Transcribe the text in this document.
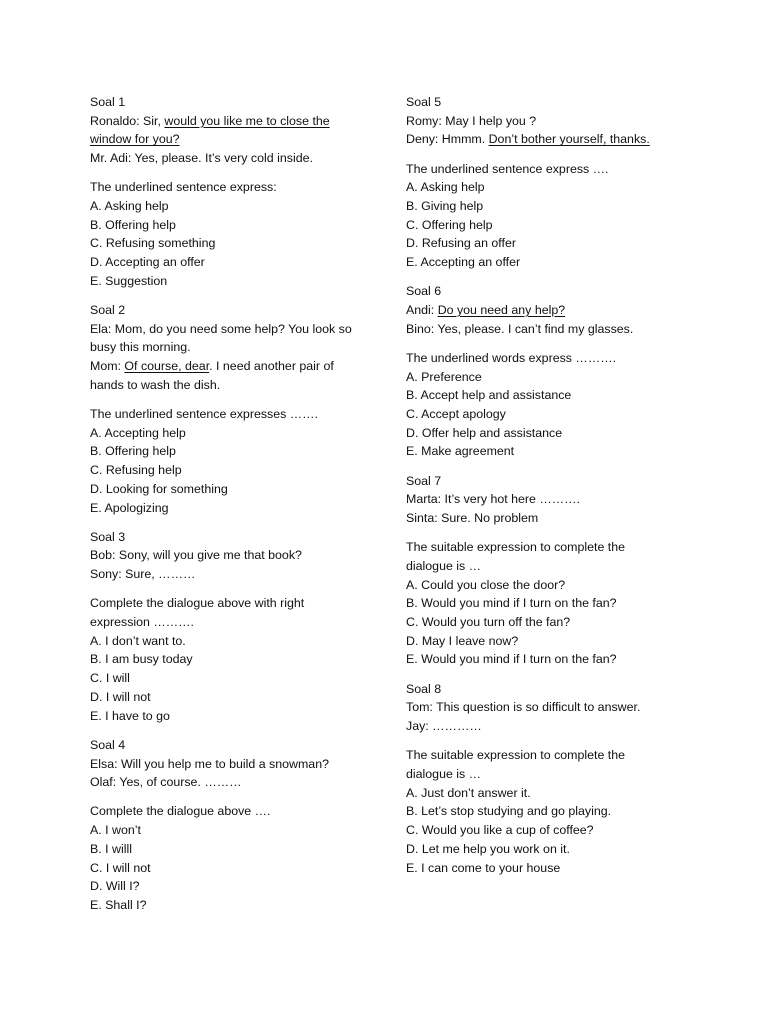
Soal 1
Ronaldo: Sir, would you like me to close the
window for you?
Mr. Adi: Yes, please. It’s very cold inside.
The underlined sentence express:
A. Asking help
B. Offering help
C. Refusing something
D. Accepting an offer
E. Suggestion
Soal 2
Ela: Mom, do you need some help? You look so
busy this morning.
Mom: Of course, dear. I need another pair of
hands to wash the dish.
The underlined sentence expresses …….
A. Accepting help
B. Offering help
C. Refusing help
D. Looking for something
E. Apologizing
Soal 3
Bob: Sony, will you give me that book?
Sony: Sure, ………
Complete the dialogue above with right
expression ……….
A. I don’t want to.
B. I am busy today
C. I will
D. I will not
E. I have to go
Soal 4
Elsa: Will you help me to build a snowman?
Olaf: Yes, of course. ………
Complete the dialogue above ….
A. I won’t
B. I willl
C. I will not
D. Will I?
E. Shall I?
Soal 5
Romy: May I help you ?
Deny: Hmmm. Don’t bother yourself, thanks.
The underlined sentence express ….
A. Asking help
B. Giving help
C. Offering help
D. Refusing an offer
E. Accepting an offer
Soal 6
Andi: Do you need any help?
Bino: Yes, please. I can’t find my glasses.
The underlined words express ……….
A. Preference
B. Accept help and assistance
C. Accept apology
D. Offer help and assistance
E. Make agreement
Soal 7
Marta: It’s very hot here ……….
Sinta: Sure. No problem
The suitable expression to complete the
dialogue is …
A. Could you close the door?
B. Would you mind if I turn on the fan?
C. Would you turn off the fan?
D. May I leave now?
E. Would you mind if I turn on the fan?
Soal 8
Tom: This question is so difficult to answer.
Jay: …………
The suitable expression to complete the
dialogue is …
A. Just don’t answer it.
B. Let’s stop studying and go playing.
C. Would you like a cup of coffee?
D. Let me help you work on it.
E. I can come to your house
